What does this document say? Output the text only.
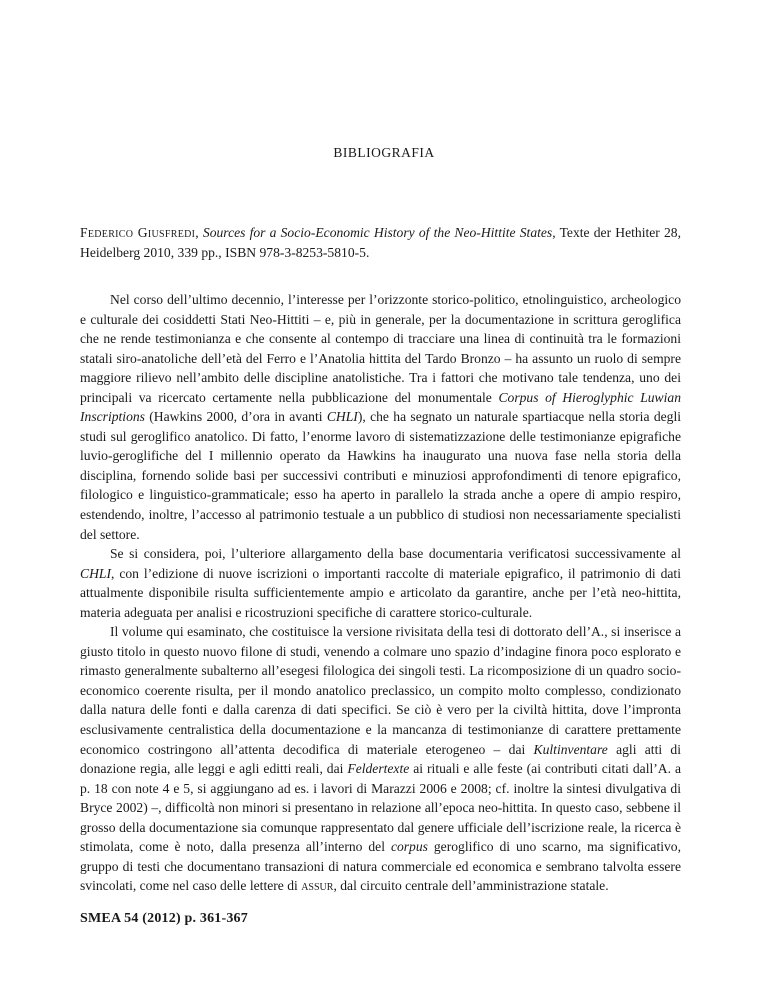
BIBLIOGRAFIA
Federico Giusfredi, Sources for a Socio-Economic History of the Neo-Hittite States, Texte der Hethiter 28, Heidelberg 2010, 339 pp., ISBN 978-3-8253-5810-5.

Nel corso dell’ultimo decennio, l’interesse per l’orizzonte storico-politico, etnolinguistico, archeologico e culturale dei cosiddetti Stati Neo-Hittiti – e, più in generale, per la documentazione in scrittura geroglifica che ne rende testimonianza e che consente al contempo di tracciare una linea di continuità tra le formazioni statali siro-anatoliche dell’età del Ferro e l’Anatolia hittita del Tardo Bronzo – ha assunto un ruolo di sempre maggiore rilievo nell’ambito delle discipline anatolistiche. Tra i fattori che motivano tale tendenza, uno dei principali va ricercato certamente nella pubblicazione del monumentale Corpus of Hieroglyphic Luwian Inscriptions (Hawkins 2000, d’ora in avanti CHLI), che ha segnato un naturale spartiacque nella storia degli studi sul geroglifico anatolico. Di fatto, l’enorme lavoro di sistematizzazione delle testimonianze epigrafiche luvio-geroglifiche del I millennio operato da Hawkins ha inaugurato una nuova fase nella storia della disciplina, fornendo solide basi per successivi contributi e minuziosi approfondimenti di tenore epigrafico, filologico e linguistico-grammaticale; esso ha aperto in parallelo la strada anche a opere di ampio respiro, estendendo, inoltre, l’accesso al patrimonio testuale a un pubblico di studiosi non necessariamente specialisti del settore.

Se si considera, poi, l’ulteriore allargamento della base documentaria verificatosi successivamente al CHLI, con l’edizione di nuove iscrizioni o importanti raccolte di materiale epigrafico, il patrimonio di dati attualmente disponibile risulta sufficientemente ampio e articolato da garantire, anche per l’età neo-hittita, materia adeguata per analisi e ricostruzioni specifiche di carattere storico-culturale.

Il volume qui esaminato, che costituisce la versione rivisitata della tesi di dottorato dell’A., si inserisce a giusto titolo in questo nuovo filone di studi, venendo a colmare uno spazio d’indagine finora poco esplorato e rimasto generalmente subalterno all’esegesi filologica dei singoli testi. La ricomposizione di un quadro socio-economico coerente risulta, per il mondo anatolico preclassico, un compito molto complesso, condizionato dalla natura delle fonti e dalla carenza di dati specifici. Se ciò è vero per la civiltà hittita, dove l’impronta esclusivamente centralistica della documentazione e la mancanza di testimonianze di carattere prettamente economico costringono all’attenta decodifica di materiale eterogeneo – dai Kultinventare agli atti di donazione regia, alle leggi e agli editti reali, dai Feldertexte ai rituali e alle feste (ai contributi citati dall’A. a p. 18 con note 4 e 5, si aggiungano ad es. i lavori di Marazzi 2006 e 2008; cf. inoltre la sintesi divulgativa di Bryce 2002) –, difficoltà non minori si presentano in relazione all’epoca neo-hittita. In questo caso, sebbene il grosso della documentazione sia comunque rappresentato dal genere ufficiale dell’iscrizione reale, la ricerca è stimolata, come è noto, dalla presenza all’interno del corpus geroglifico di uno scarno, ma significativo, gruppo di testi che documentano transazioni di natura commerciale ed economica e sembrano talvolta essere svincolati, come nel caso delle lettere di assur, dal circuito centrale dell’amministrazione statale.

SMEA 54 (2012) p. 361-367
